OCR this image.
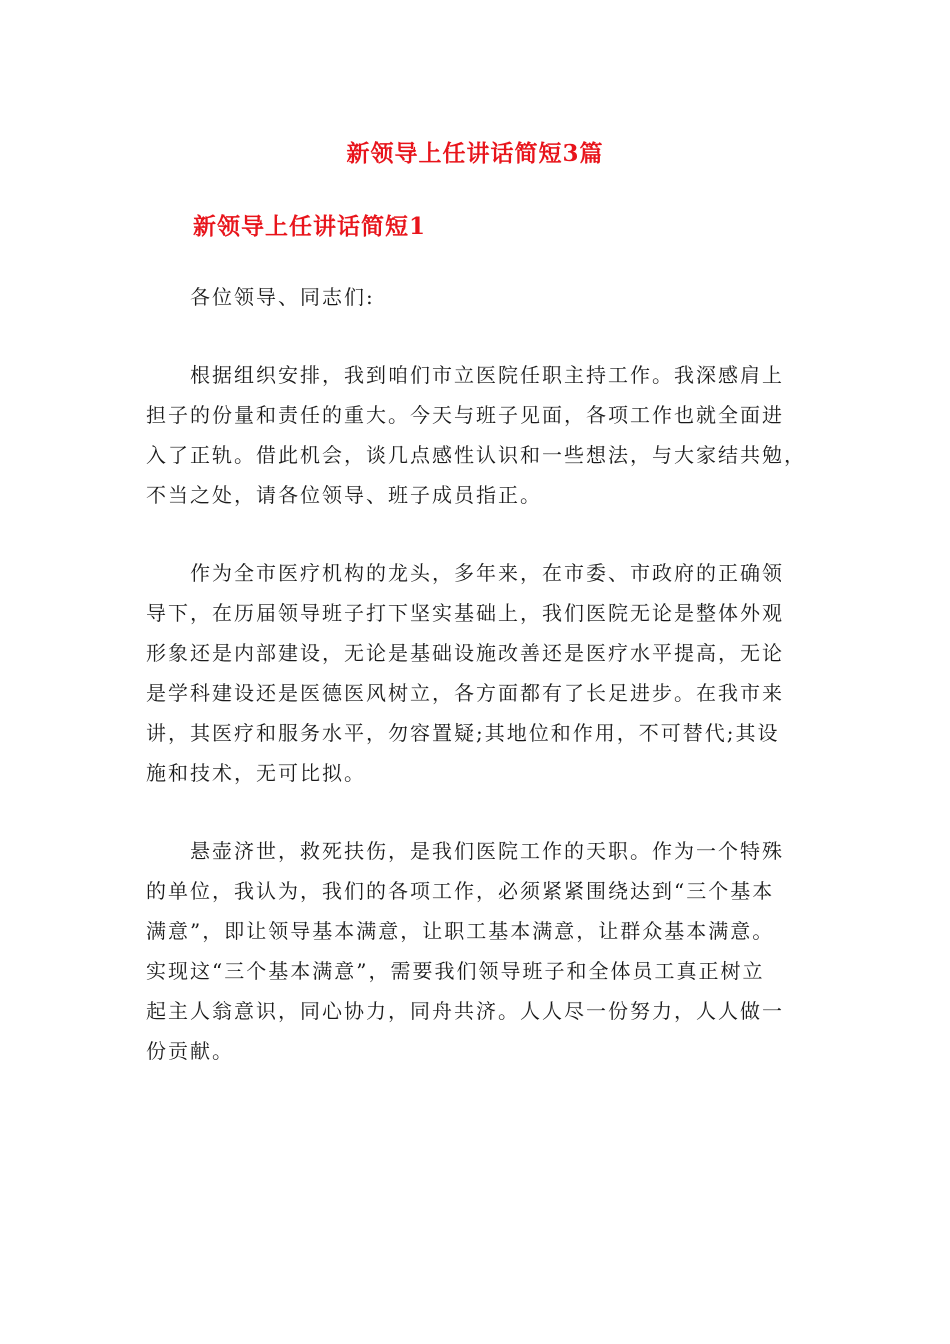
新领导上任讲话简短3篇
新领导上任讲话简短1
各位领导、同志们:
根据组织安排，我到咱们市立医院任职主持工作。我深感肩上
担子的份量和责任的重大。今天与班子见面，各项工作也就全面进
入了正轨。借此机会，谈几点感性认识和一些想法，与大家结共勉，
不当之处，请各位领导、班子成员指正。
作为全市医疗机构的龙头，多年来，在市委、市政府的正确领
导下，在历届领导班子打下坚实基础上，我们医院无论是整体外观
形象还是内部建设，无论是基础设施改善还是医疗水平提高，无论
是学科建设还是医德医风树立，各方面都有了长足进步。在我市来
讲，其医疗和服务水平，勿容置疑;其地位和作用，不可替代;其设
施和技术，无可比拟。
悬壶济世，救死扶伤，是我们医院工作的天职。作为一个特殊
的单位，我认为，我们的各项工作，必须紧紧围绕达到“三个基本
满意”，即让领导基本满意，让职工基本满意，让群众基本满意。
实现这“三个基本满意”，需要我们领导班子和全体员工真正树立
起主人翁意识，同心协力，同舟共济。人人尽一份努力，人人做一
份贡献。
